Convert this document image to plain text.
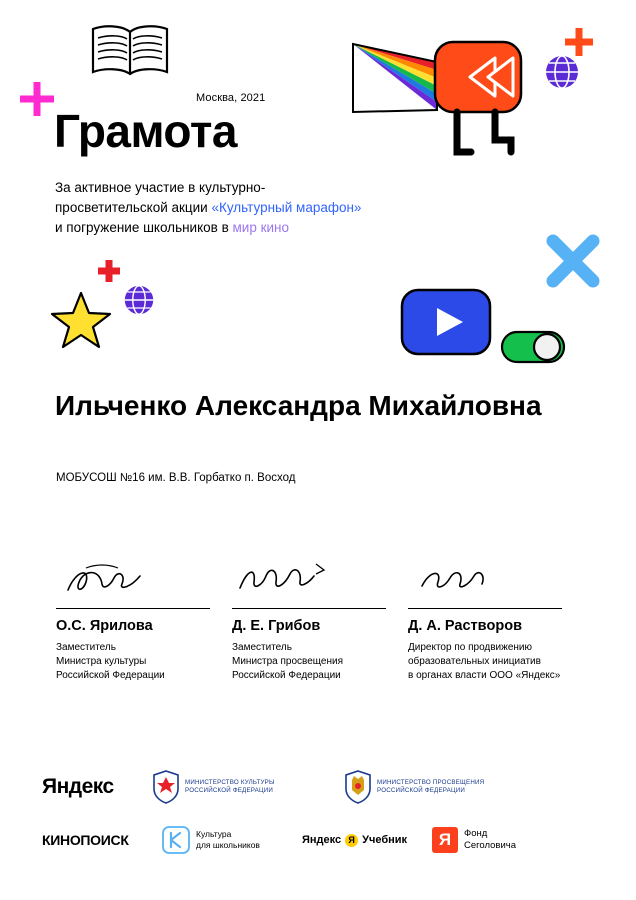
Москва, 2021
Грамота
За активное участие в культурно-
просветительской акции «Культурный марафон»
и погружение школьников в мир кино
Ильченко Александра Михайловна
МОБУСОШ №16 им. В.В. Горбатко п. Восход
О.С. Ярилова
Заместитель
Министра культуры
Российской Федерации
Д. Е. Грибов
Заместитель
Министра просвещения
Российской Федерации
Д. А. Раствopoв
Директор по продвижению
образовательных инициатив
в органах власти ООО «Яндекс»
Яндекс	МИНИСТЕРСТВО КУЛЬТУРЫ
РОССИЙСКОЙ ФЕДЕРАЦИИ
МИНИСТЕРСТВО ПРОСВЕЩЕНИЯ
РОССИЙСКОЙ ФЕДЕРАЦИИ
КИНОПОИСК	Культура
для школьников	Яндекс Я Учебник	Я	Фонд
Сеголовича
